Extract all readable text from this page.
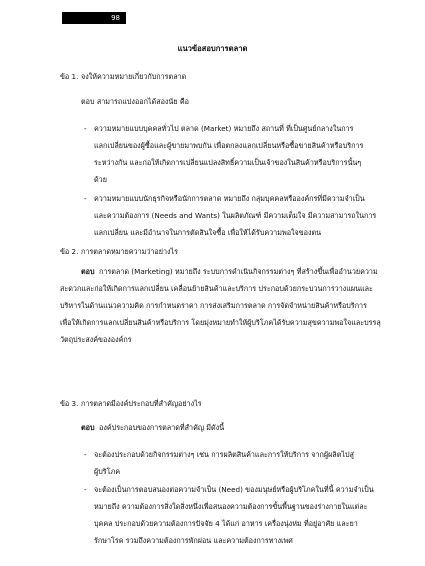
98
แนวข้อสอบการตลาด
ข้อ 1. จงให้ความหมายเกี่ยวกับการตลาด
ตอบ สามารถแบ่งออกได้สองนัย คือ
- ความหมายแบบบุคคลทั่วไป ตลาด (Market) หมายถึง สถานที่ ที่เป็นศูนย์กลางในการ
แลกเปลี่ยนของผู้ซื้อและผู้ขายมาพบกัน เพื่อตกลงแลกเปลี่ยนหรือซื้อขายสินค้าหรือบริการ
ระหว่างกัน และก่อให้เกิดการเปลี่ยนแปลงสิทธิ์ความเป็นเจ้าของในสินค้าหรือบริการนั้นๆ
ด้วย
- ความหมายแบบนักธุรกิจหรือนักการตลาด หมายถึง กลุ่มบุคคลหรือองค์กรที่มีความจำเป็น
และความต้องการ (Needs and Wants) ในผลิตภัณฑ์ มีความเต็มใจ มีความสามารถในการ
แลกเปลี่ยน และมีอำนาจในการตัดสินใจซื้อ เพื่อให้ได้รับความพอใจของตน
ข้อ 2. การตลาดหมายความว่าอย่างไร
ตอบ การตลาด (Marketing) หมายถึง ระบบการดำเนินกิจกรรมต่างๆ ที่สร้างขึ้นเพื่ออำนวยความ
สะดวกและก่อให้เกิดการแลกเปลี่ยน เคลื่อนย้ายสินค้าและบริการ ประกอบด้วยกระบวนการวางแผนและ
บริหารในด้านแนวความคิด การกำหนดราคา การส่งเสริมการตลาด การจัดจำหน่ายสินค้าหรือบริการ
เพื่อให้เกิดการแลกเปลี่ยนสินค้าหรือบริการ โดยมุ่งหมายทำให้ผู้บริโภคได้รับความสุขความพอใจและบรรลุ
วัตถุประสงค์ขององค์กร
ข้อ 3. การตลาดมีองค์ประกอบที่สำคัญอย่างไร
ตอบ องค์ประกอบของการตลาดที่สำคัญ มีดังนี้
- จะต้องประกอบด้วยกิจกรรมต่างๆ เช่น การผลิตสินค้าและการให้บริการ จากผู้ผลิตไปสู่
ผู้บริโภค
- จะต้องเป็นการตอบสนองต่อความจำเป็น (Need) ของมนุษย์หรือผู้บริโภคในที่นี้ ความจำเป็น
หมายถึง ความต้องการสิ่งใดสิ่งหนึ่งเพื่อสนองความต้องการขั้นพื้นฐานของร่างกายในแต่ละ
บุคคล ประกอบด้วยความต้องการปัจจัย 4 ได้แก่ อาหาร เครื่องนุ่งห่ม ที่อยู่อาศัย และยา
รักษาโรค รวมถึงความต้องการพักผ่อน และความต้องการทางเพศ
